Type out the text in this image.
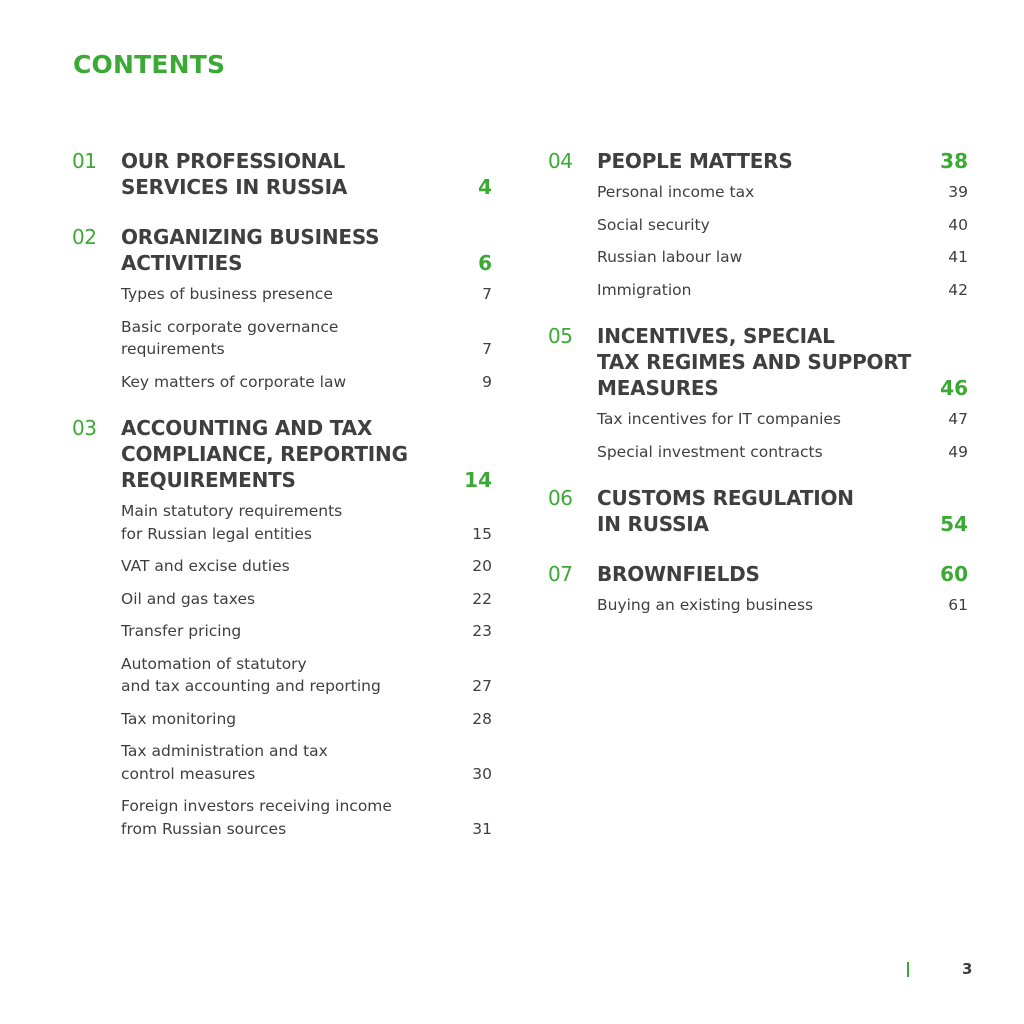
CONTENTS
01 OUR PROFESSIONAL
SERVICES IN RUSSIA	4
02 ORGANIZING BUSINESS
ACTIVITIES	6
Types of business presence	7
Basic corporate governance
requirements	7
Key matters of corporate law	9
03 ACCOUNTING AND TAX
COMPLIANCE, REPORTING
REQUIREMENTS	14
Main statutory requirements
for Russian legal entities	15
VAT and excise duties	20
Oil and gas taxes	22
Transfer pricing	23
Automation of statutory
and tax accounting and reporting	27
Tax monitoring	28
Tax administration and tax
control measures	30
Foreign investors receiving income
from Russian sources	31
04 PEOPLE MATTERS	38
Personal income tax	39
Social security	40
Russian labour law	41
Immigration	42
05 INCENTIVES, SPECIAL
TAX REGIMES AND SUPPORT
MEASURES	46
Tax incentives for IT companies	47
Special investment contracts	49
06 CUSTOMS REGULATION
IN RUSSIA	54
07 BROWNFIELDS	60
Buying an existing business	61
3
